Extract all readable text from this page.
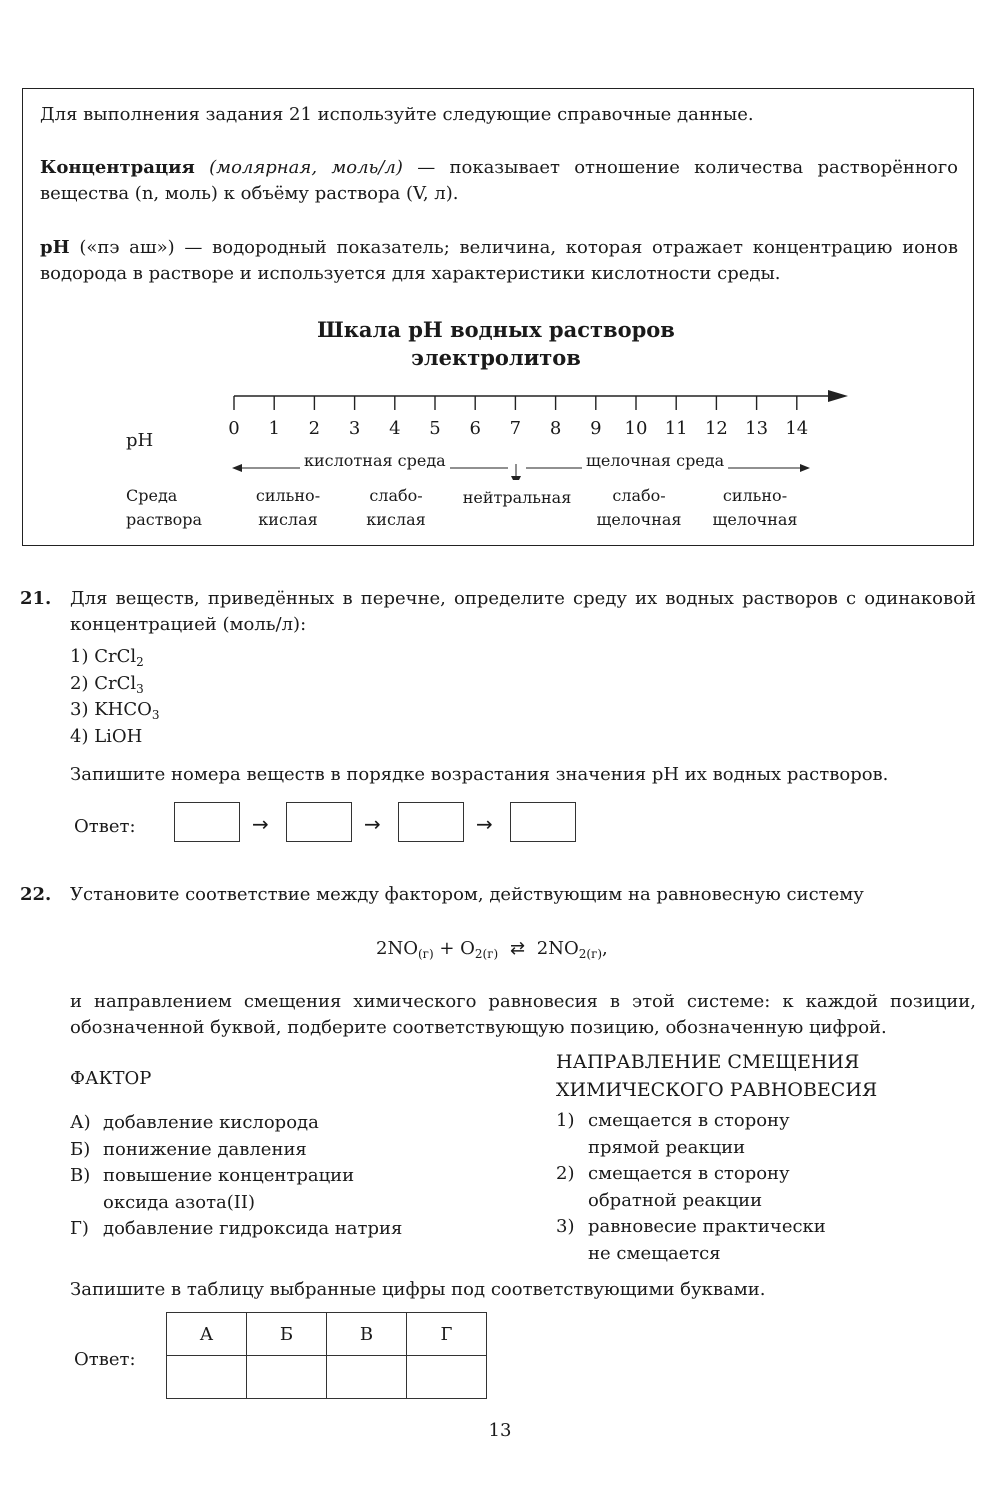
Для выполнения задания 21 используйте следующие справочные данные.
Концентрация (молярная, моль/л) — показывает отношение количества растворённого вещества (n, моль) к объёму раствора (V, л).
pH («пэ аш») — водородный показатель; величина, которая отражает концентрацию ионов водорода в растворе и используется для характеристики кислотности среды.
Шкала pH водных растворов
электролитов
pH
0	1	2	3	4	5	6	7	8	9	10 11 12 13 14
кислотная среда	щелочная среда
Среда
раствора
сильно-
кислая
слабо-
кислая
нейтральная	слабо-
щелочная
сильно-
щелочная
21. Для веществ, приведённых в перечне, определите среду их водных растворов с одинаковой концентрацией (моль/л):
1) CrCl$_2$
2) CrCl$_3$
3) $KHCO_3$
4) LiOH
Запишите номера веществ в порядке возрастания значения pH их водных растворов.
Ответ:	→	→	→
22. Установите соответствие между фактором, действующим на равновесную систему
$2NO_{(г)} + O_{2(г)}$ ⇄ $2NO_{2(г)}$,
и направлением смещения химического равновесия в этой системе: к каждой позиции, обозначенной буквой, подберите соответствующую позицию, обозначенную цифрой.
ФАКТОР
НАПРАВЛЕНИЕ СМЕЩЕНИЯ
ХИМИЧЕСКОГО РАВНОВЕСИЯ
А) добавление кислорода
Б) понижение давления
В) повышение концентрации
оксида азота(II)
Г) добавление гидроксида натрия
1) смещается в сторону
прямой реакции
2) смещается в сторону
обратной реакции
3) равновесие практически
не смещается
Запишите в таблицу выбранные цифры под соответствующими буквами.
Ответ:
А	Б	В	Г

13
